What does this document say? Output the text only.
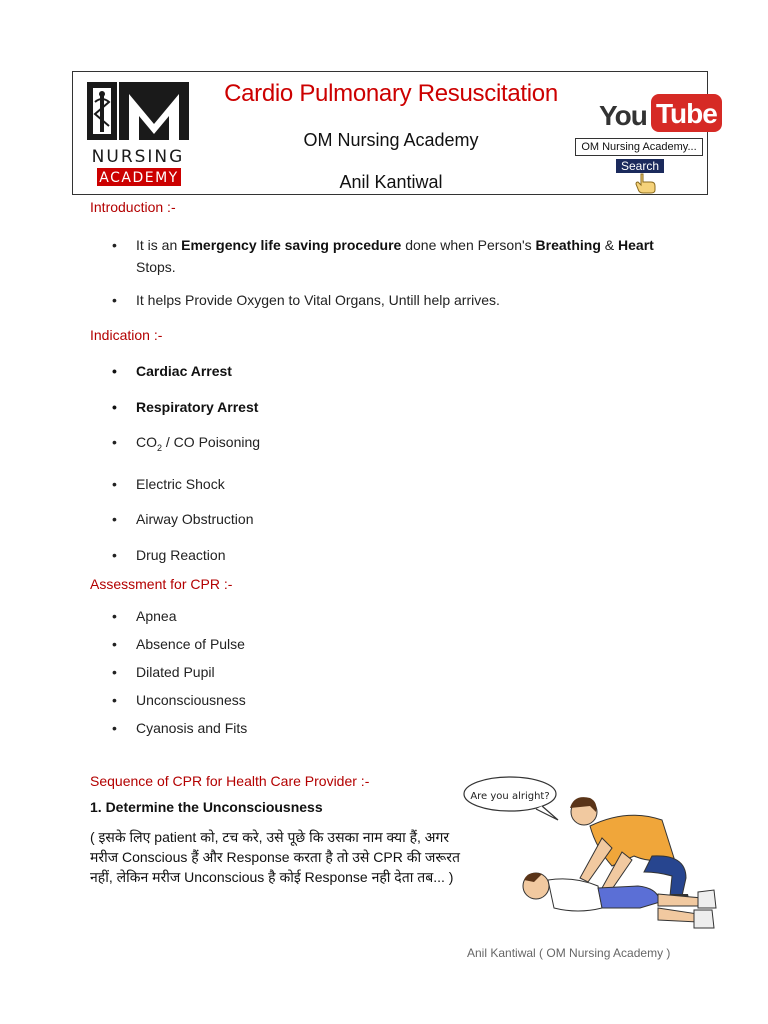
NURSING
ACADEMY
Cardio Pulmonary Resuscitation
OM Nursing Academy
Anil Kantiwal
You Tube
OM Nursing Academy...
Search
Introduction :-
• It is an Emergency life saving procedure done when Person's Breathing & Heart Stops.
• It helps Provide Oxygen to Vital Organs, Untill help arrives.
Indication :-
• Cardiac Arrest
• Respiratory Arrest
• $CO_2$ / CO Poisoning
• Electric Shock
• Airway Obstruction
• Drug Reaction
Assessment for CPR :-
• Apnea
• Absence of Pulse
• Dilated Pupil
• Unconsciousness
• Cyanosis and Fits
Sequence of CPR for Health Care Provider :-
1. Determine the Unconsciousness
( इसके लिए patient को, टच करे, उसे पूछे कि उसका नाम क्या हैं, अगर मरीज Conscious हैं और Response करता है तो उसे CPR की जरूरत नहीं, लेकिन मरीज Unconscious है कोई Response नही देता तब... )
Are you alright?
Anil Kantiwal ( OM Nursing Academy )
